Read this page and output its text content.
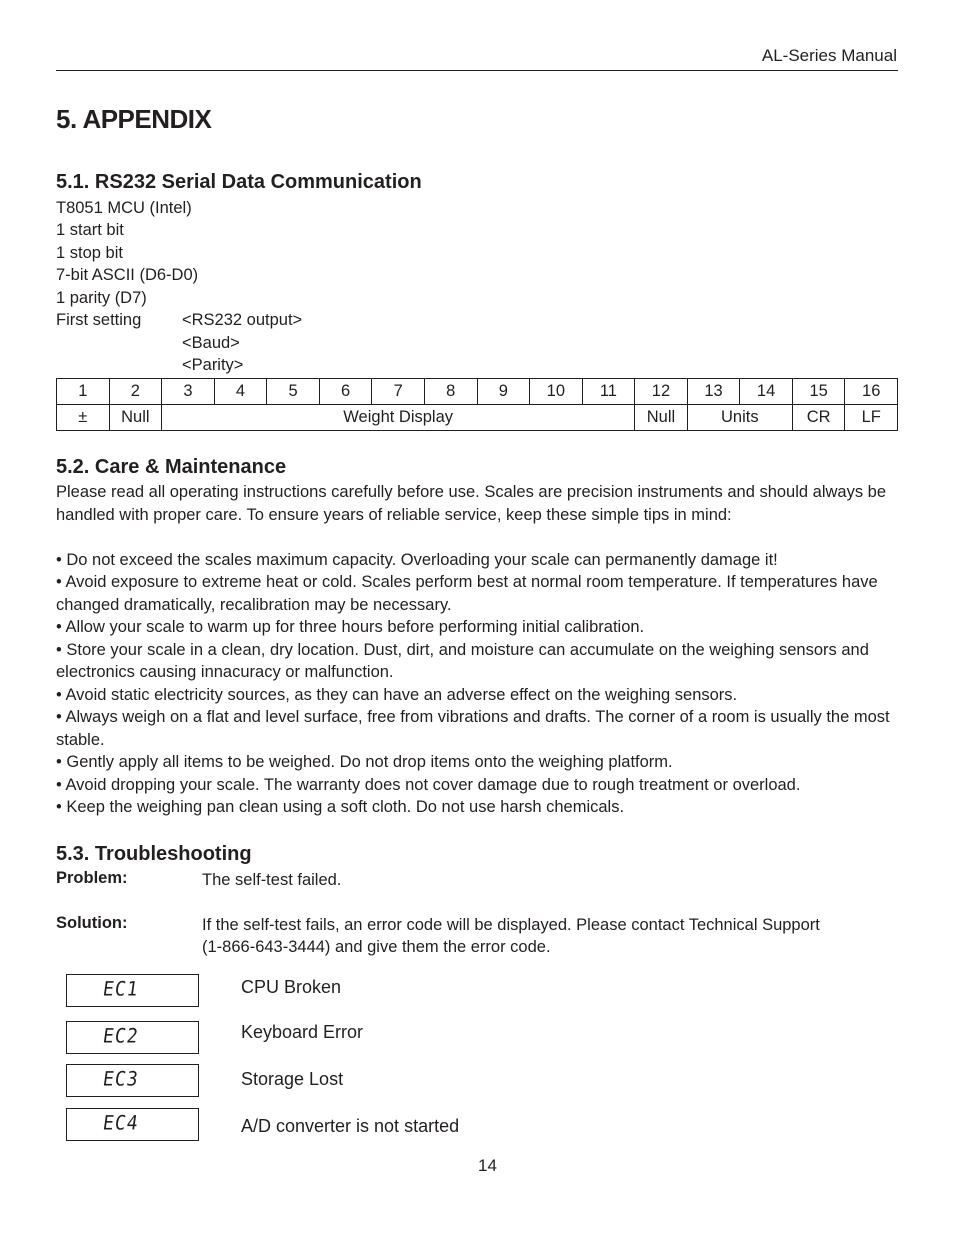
AL-Series Manual
5. APPENDIX
5.1. RS232 Serial Data Communication
T8051 MCU (Intel)
1 start bit
1 stop bit
7-bit ASCII (D6-D0)
1 parity (D7)
First setting <RS232 output>
<Baud>
<Parity>
1	2	3	4	5	6	7	8	9	10	11	12	13	14	15	16
±	Null	Weight Display									Null	Units		CR	LF
5.2. Care & Maintenance

Please read all operating instructions carefully before use. Scales are precision instruments and should always be handled with proper care. To ensure years of reliable service, keep these simple tips in mind:

• Do not exceed the scales maximum capacity. Overloading your scale can permanently damage it!

• Avoid exposure to extreme heat or cold. Scales perform best at normal room temperature. If temperatures have changed dramatically, recalibration may be necessary.

• Allow your scale to warm up for three hours before performing initial calibration.

• Store your scale in a clean, dry location. Dust, dirt, and moisture can accumulate on the weighing sensors and electronics causing innacuracy or malfunction.

• Avoid static electricity sources, as they can have an adverse effect on the weighing sensors.

• Always weigh on a flat and level surface, free from vibrations and drafts. The corner of a room is usually the most stable.

• Gently apply all items to be weighed. Do not drop items onto the weighing platform.

• Avoid dropping your scale. The warranty does not cover damage due to rough treatment or overload.

• Keep the weighing pan clean using a soft cloth. Do not use harsh chemicals.

5.3. Troubleshooting
Problem:	The self-test failed.
Solution:	If the self-test fails, an error code will be displayed. Please contact Technical Support
(1-866-643-3444) and give them the error code.
EC1	CPU Broken
EC2	Keyboard Error
EC3	Storage Lost
EC4	A/D converter is not started
14
